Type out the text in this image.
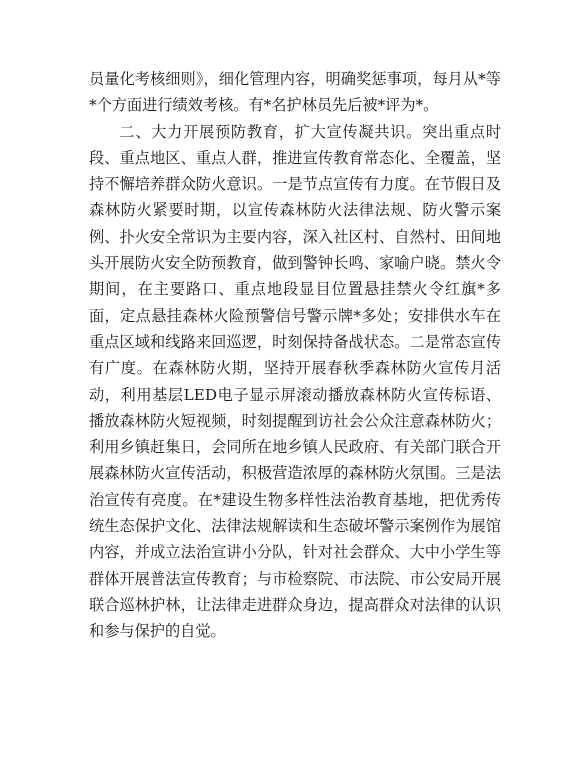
员量化考核细则》，细化管理内容，明确奖惩事项，每月从*等*个方面进行绩效考核。有*名护林员先后被*评为*。

二、大力开展预防教育，扩大宣传凝共识。突出重点时段、重点地区、重点人群，推进宣传教育常态化、全覆盖，坚持不懈培养群众防火意识。一是节点宣传有力度。在节假日及森林防火紧要时期，以宣传森林防火法律法规、防火警示案例、扑火安全常识为主要内容，深入社区村、自然村、田间地头开展防火安全防预教育，做到警钟长鸣、家喻户晓。禁火令期间，在主要路口、重点地段显目位置悬挂禁火令红旗*多面，定点悬挂森林火险预警信号警示牌*多处；安排供水车在重点区域和线路来回巡逻，时刻保持备战状态。二是常态宣传有广度。在森林防火期，坚持开展春秋季森林防火宣传月活动，利用基层LED电子显示屏滚动播放森林防火宣传标语、播放森林防火短视频，时刻提醒到访社会公众注意森林防火；利用乡镇赶集日，会同所在地乡镇人民政府、有关部门联合开展森林防火宣传活动，积极营造浓厚的森林防火氛围。三是法治宣传有亮度。在*建设生物多样性法治教育基地，把优秀传统生态保护文化、法律法规解读和生态破坏警示案例作为展馆内容，并成立法治宣讲小分队，针对社会群众、大中小学生等群体开展普法宣传教育；与市检察院、市法院、市公安局开展联合巡林护林，让法律走进群众身边，提高群众对法律的认识和参与保护的自觉。
